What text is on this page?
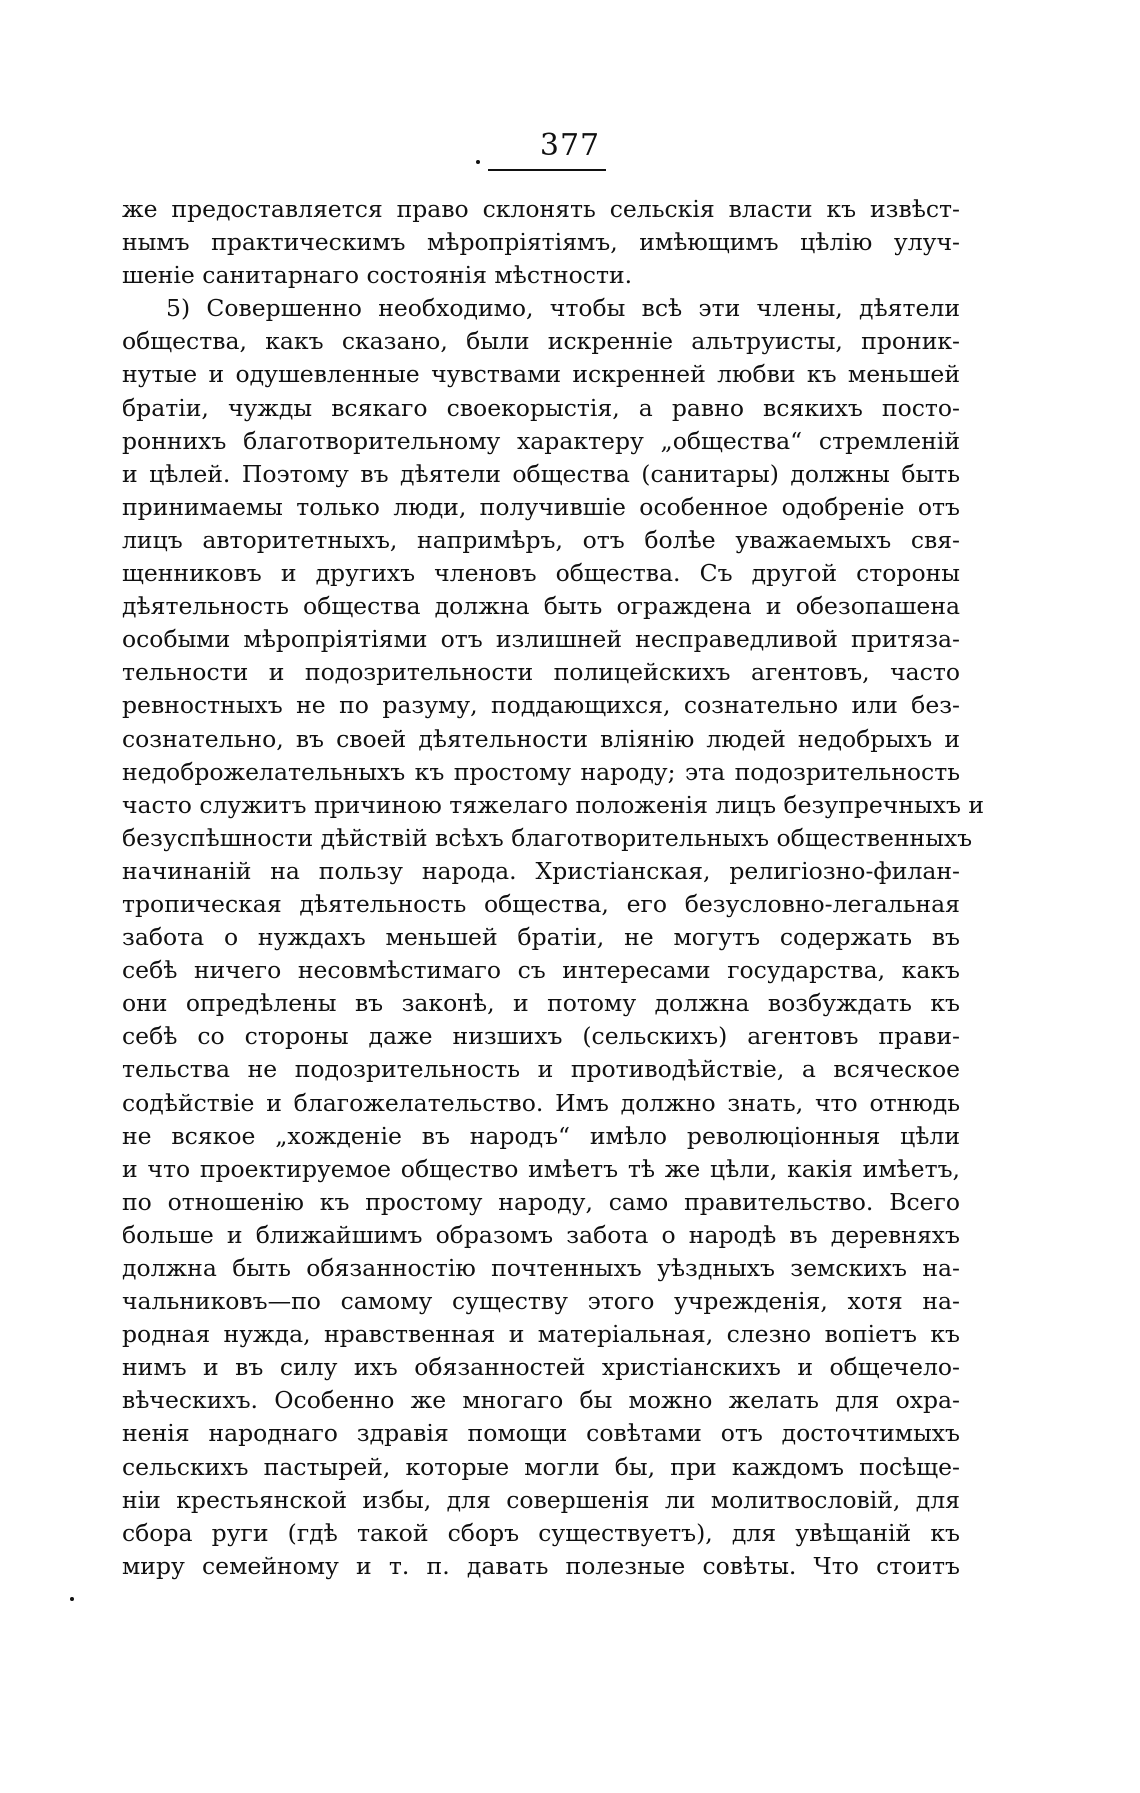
377
же предоставляется право склонять сельскія власти къ извѣст-
нымъ практическимъ мѣропріятіямъ, имѣющимъ цѣлію улуч-
шеніе санитарнаго состоянія мѣстности.
5) Совершенно необходимо, чтобы всѣ эти члены, дѣятели
общества, какъ сказано, были искренніе альтруисты, проник-
нутые и одушевленные чувствами искренней любви къ меньшей
братіи, чужды всякаго своекорыстія, а равно всякихъ посто-
роннихъ благотворительному характеру „общества“ стремленій
и цѣлей. Поэтому въ дѣятели общества (санитары) должны быть
принимаемы только люди, получившіе особенное одобреніе отъ
лицъ авторитетныхъ, напримѣръ, отъ болѣе уважаемыхъ свя-
щенниковъ и другихъ членовъ общества. Съ другой стороны
дѣятельность общества должна быть ограждена и обезопашена
особыми мѣропріятіями отъ излишней несправедливой притяза-
тельности и подозрительности полицейскихъ агентовъ, часто
ревностныхъ не по разуму, поддающихся, сознательно или без-
сознательно, въ своей дѣятельности вліянію людей недобрыхъ и
недоброжелательныхъ къ простому народу; эта подозрительность
часто служитъ причиною тяжелаго положенія лицъ безупречныхъ и
безуспѣшности дѣйствій всѣхъ благотворительныхъ общественныхъ
начинаній на пользу народа. Христіанская, религіозно-филан-
тропическая дѣятельность общества, его безусловно-легальная
забота о нуждахъ меньшей братіи, не могутъ содержать въ
себѣ ничего несовмѣстимаго съ интересами государства, какъ
они опредѣлены въ законѣ, и потому должна возбуждать къ
себѣ со стороны даже низшихъ (сельскихъ) агентовъ прави-
тельства не подозрительность и противодѣйствіе, а всяческое
содѣйствіе и благожелательство. Имъ должно знать, что отнюдь
не всякое „хожденіе въ народъ“ имѣло революціонныя цѣли
и что проектируемое общество имѣетъ тѣ же цѣли, какія имѣетъ,
по отношенію къ простому народу, само правительство. Всего
больше и ближайшимъ образомъ забота о народѣ въ деревняхъ
должна быть обязанностію почтенныхъ уѣздныхъ земскихъ на-
чальниковъ—по самому существу этого учрежденія, хотя на-
родная нужда, нравственная и матеріальная, слезно вопіетъ къ
нимъ и въ силу ихъ обязанностей христіанскихъ и общечело-
вѣческихъ. Особенно же многаго бы можно желать для охра-
ненія народнаго здравія помощи совѣтами отъ досточтимыхъ
сельскихъ пастырей, которые могли бы, при каждомъ посѣще-
ніи крестьянской избы, для совершенія ли молитвословій, для
сбора руги (гдѣ такой сборъ существуетъ), для увѣщаній къ
миру семейному и т. п. давать полезные совѣты. Что стоитъ
